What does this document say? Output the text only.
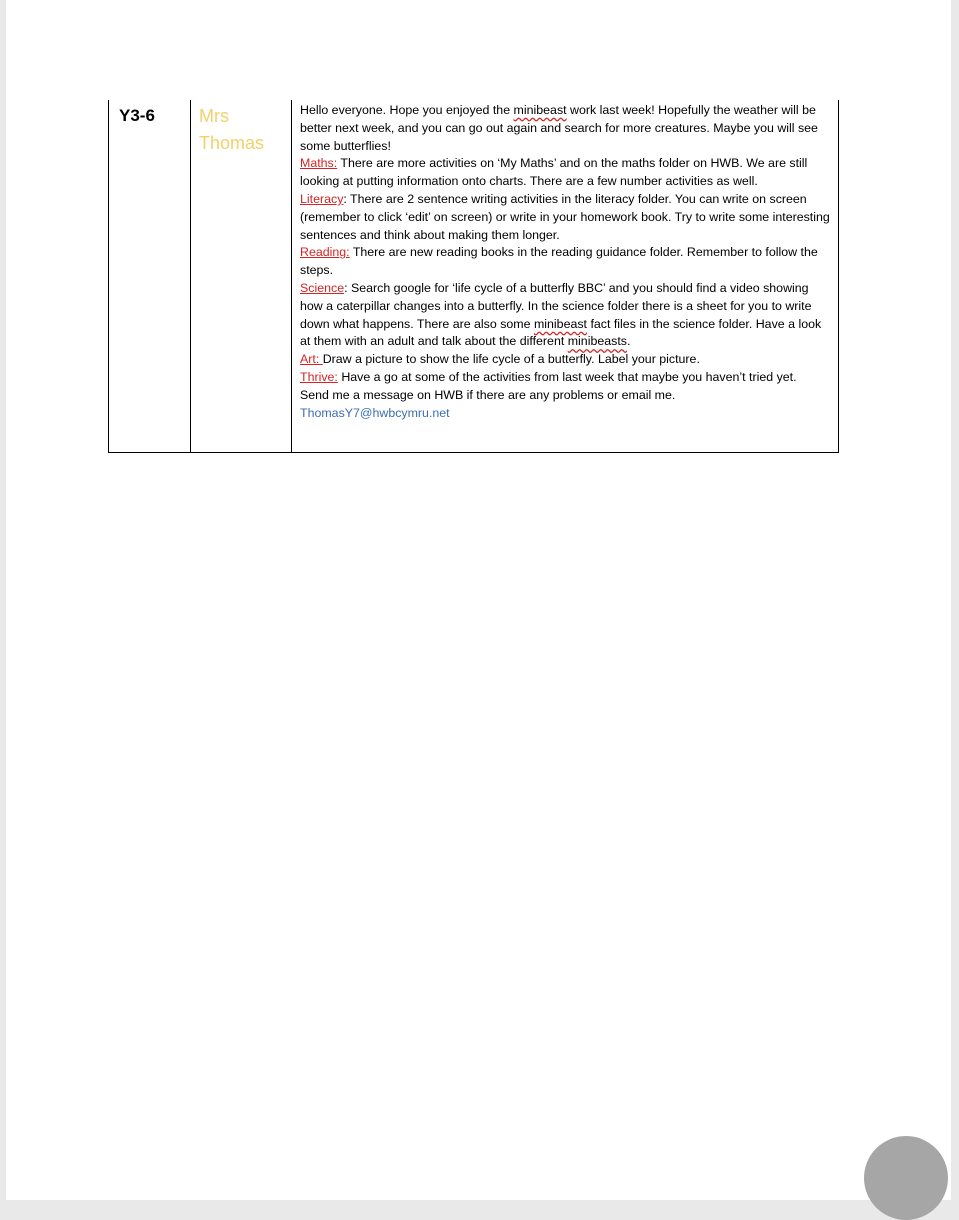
Y3-6	Mrs
Thomas

Hello everyone. Hope you enjoyed the minibeast work last week! Hopefully the weather will be better next week, and you can go out again and search for more creatures. Maybe you will see some butterflies!

Maths: There are more activities on ‘My Maths’ and on the maths folder on HWB. We are still looking at putting information onto charts. There are a few number activities as well.

Literacy: There are 2 sentence writing activities in the literacy folder. You can write on screen (remember to click ‘edit’ on screen) or write in your homework book. Try to write some interesting sentences and think about making them longer.

Reading: There are new reading books in the reading guidance folder. Remember to follow the steps.

Science: Search google for ‘life cycle of a butterfly BBC’ and you should find a video showing how a caterpillar changes into a butterfly. In the science folder there is a sheet for you to write down what happens. There are also some minibeast fact files in the science folder. Have a look at them with an adult and talk about the different minibeasts.

Art: Draw a picture to show the life cycle of a butterfly. Label your picture.

Thrive: Have a go at some of the activities from last week that maybe you haven’t tried yet.

Send me a message on HWB if there are any problems or email me.

ThomasY7@hwbcymru.net
